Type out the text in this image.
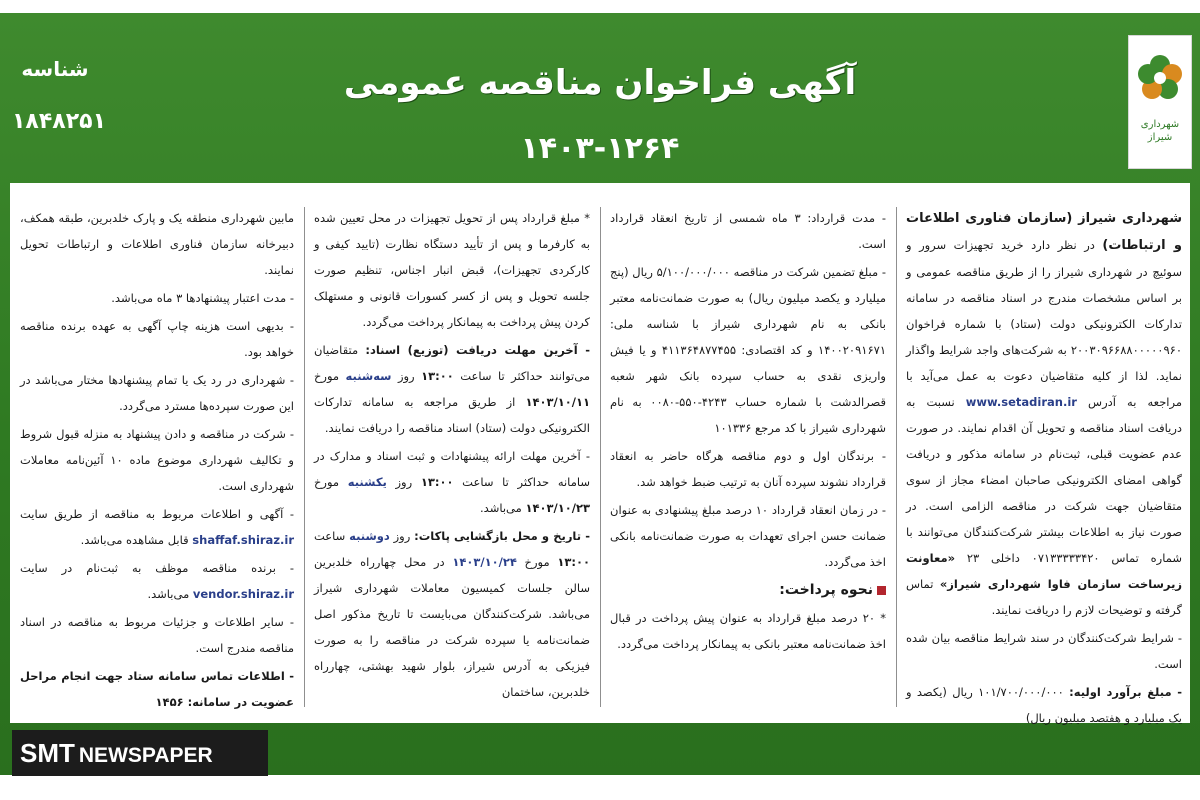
شناسه
۱۸۴۸۲۵۱
آگهی فراخوان مناقصه عمومی
۱۴۰۳-۱۲۶۴
شهرداری شیراز

شهرداری شیراز (سازمان فناوری اطلاعات و ارتباطات) در نظر دارد خرید تجهیزات سرور و سوئیچ در شهرداری شیراز را از طریق مناقصه عمومی و بر اساس مشخصات مندرج در اسناد مناقصه در سامانه تدارکات الکترونیکی دولت (ستاد) با شماره فراخوان ۲۰۰۳۰۹۶۶۸۸۰۰۰۰۰۹۶۰ به شرکت‌های واجد شرایط واگذار نماید. لذا از کلیه متقاضیان دعوت به عمل می‌آید با مراجعه به آدرس www.setadiran.ir نسبت به دریافت اسناد مناقصه و تحویل آن اقدام نمایند. در صورت عدم عضویت قبلی، ثبت‌نام در سامانه مذکور و دریافت گواهی امضای الکترونیکی صاحبان امضاء مجاز از سوی متقاضیان جهت شرکت در مناقصه الزامی است. در صورت نیاز به اطلاعات بیشتر شرکت‌کنندگان می‌توانند با شماره تماس ۰۷۱۳۳۳۳۳۴۲۰ داخلی ۲۳ «معاونت زیرساخت سازمان فاوا شهرداری شیراز» تماس گرفته و توضیحات لازم را دریافت نمایند.

- شرایط شرکت‌کنندگان در سند شرایط مناقصه بیان شده است.

- مبلغ برآورد اولیه: ۱۰۱/۷۰۰/۰۰۰/۰۰۰ ریال (یکصد و یک میلیارد و هفتصد میلیون ریال)

- مدت قرارداد: ۳ ماه شمسی از تاریخ انعقاد قرارداد است.

- مبلغ تضمین شرکت در مناقصه ۵/۱۰۰/۰۰۰/۰۰۰ ریال (پنج میلیارد و یکصد میلیون ریال) به صورت ضمانت‌نامه معتبر بانکی به نام شهرداری شیراز با شناسه ملی: ۱۴۰۰۲۰۹۱۶۷۱ و کد اقتصادی: ۴۱۱۳۶۴۸۷۷۴۵۵ و یا فیش واریزی نقدی به حساب سپرده بانک شهر شعبه قصرالدشت با شماره حساب ۴۲۴۳-۵۵۰-۰۰۸۰ به نام شهرداری شیراز با کد مرجع ۱۰۱۳۳۶

- برندگان اول و دوم مناقصه هرگاه حاضر به انعقاد قرارداد نشوند سپرده آنان به ترتیب ضبط خواهد شد.

- در زمان انعقاد قرارداد ۱۰ درصد مبلغ پیشنهادی به عنوان ضمانت حسن اجرای تعهدات به صورت ضمانت‌نامه بانکی اخذ می‌گردد.

نحوه پرداخت:

* ۲۰ درصد مبلغ قرارداد به عنوان پیش پرداخت در قبال اخذ ضمانت‌نامه معتبر بانکی به پیمانکار پرداخت می‌گردد.

* مبلغ قرارداد پس از تحویل تجهیزات در محل تعیین شده به کارفرما و پس از تأیید دستگاه نظارت (تایید کیفی و کارکردی تجهیزات)، قبض انبار اجناس، تنظیم صورت جلسه تحویل و پس از کسر کسورات قانونی و مستهلک کردن پیش پرداخت به پیمانکار پرداخت می‌گردد.

- آخرین مهلت دریافت (توزیع) اسناد: متقاضیان می‌توانند حداکثر تا ساعت ۱۳:۰۰ روز سه‌شنبه مورخ ۱۴۰۳/۱۰/۱۱ از طریق مراجعه به سامانه تدارکات الکترونیکی دولت (ستاد) اسناد مناقصه را دریافت نمایند.

- آخرین مهلت ارائه پیشنهادات و ثبت اسناد و مدارک در سامانه حداکثر تا ساعت ۱۳:۰۰ روز یکشنبه مورخ ۱۴۰۳/۱۰/۲۳ می‌باشد.

- تاریخ و محل بازگشایی پاکات: روز دوشنبه ساعت ۱۳:۰۰ مورخ ۱۴۰۳/۱۰/۲۴ در محل چهارراه خلدبرین سالن جلسات کمیسیون معاملات شهرداری شیراز می‌باشد. شرکت‌کنندگان می‌بایست تا تاریخ مذکور اصل ضمانت‌نامه یا سپرده شرکت در مناقصه را به صورت فیزیکی به آدرس شیراز، بلوار شهید بهشتی، چهارراه خلدبرین، ساختمان

مابین شهرداری منطقه یک و پارک خلدبرین، طبقه همکف، دبیرخانه سازمان فناوری اطلاعات و ارتباطات تحویل نمایند.

- مدت اعتبار پیشنهادها ۳ ماه می‌باشد.

- بدیهی است هزینه چاپ آگهی به عهده برنده مناقصه خواهد بود.

- شهرداری در رد یک یا تمام پیشنهادها مختار می‌باشد در این صورت سپرده‌ها مسترد می‌گردد.

- شرکت در مناقصه و دادن پیشنهاد به منزله قبول شروط و تکالیف شهرداری موضوع ماده ۱۰ آئین‌نامه معاملات شهرداری است.

- آگهی و اطلاعات مربوط به مناقصه از طریق سایت shaffaf.shiraz.ir قابل مشاهده می‌باشد.

- برنده مناقصه موظف به ثبت‌نام در سایت vendor.shiraz.ir می‌باشد.

- سایر اطلاعات و جزئیات مربوط به مناقصه در اسناد مناقصه مندرج است.

- اطلاعات تماس سامانه ستاد جهت انجام مراحل عضویت در سامانه: ۱۴۵۶

SMT NEWSPAPER
